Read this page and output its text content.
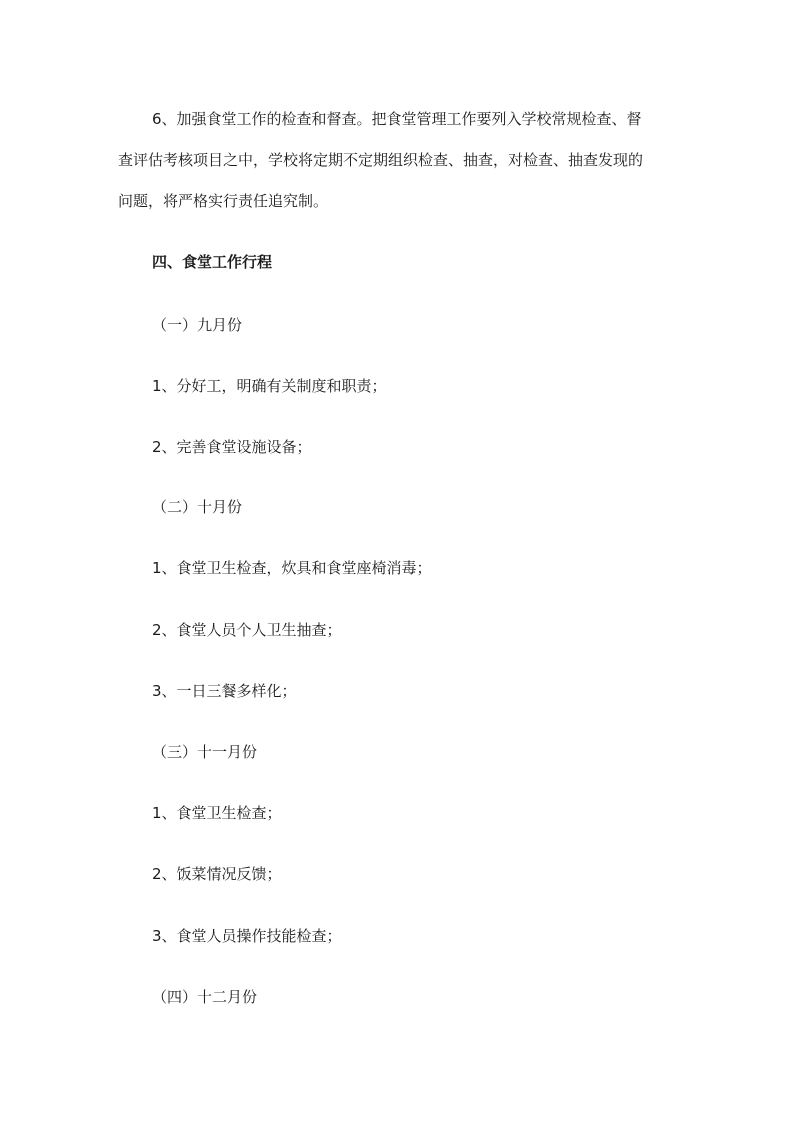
6、加强食堂工作的检查和督查。把食堂管理工作要列入学校常规检查、督
查评估考核项目之中，学校将定期不定期组织检查、抽查，对检查、抽查发现的
问题，将严格实行责任追究制。
四、食堂工作行程
（一）九月份
1、分好工，明确有关制度和职责；
2、完善食堂设施设备；
（二）十月份
1、食堂卫生检查，炊具和食堂座椅消毒；
2、食堂人员个人卫生抽查；
3、一日三餐多样化；
（三）十一月份
1、食堂卫生检查；
2、饭菜情况反馈；
3、食堂人员操作技能检查；
（四）十二月份
